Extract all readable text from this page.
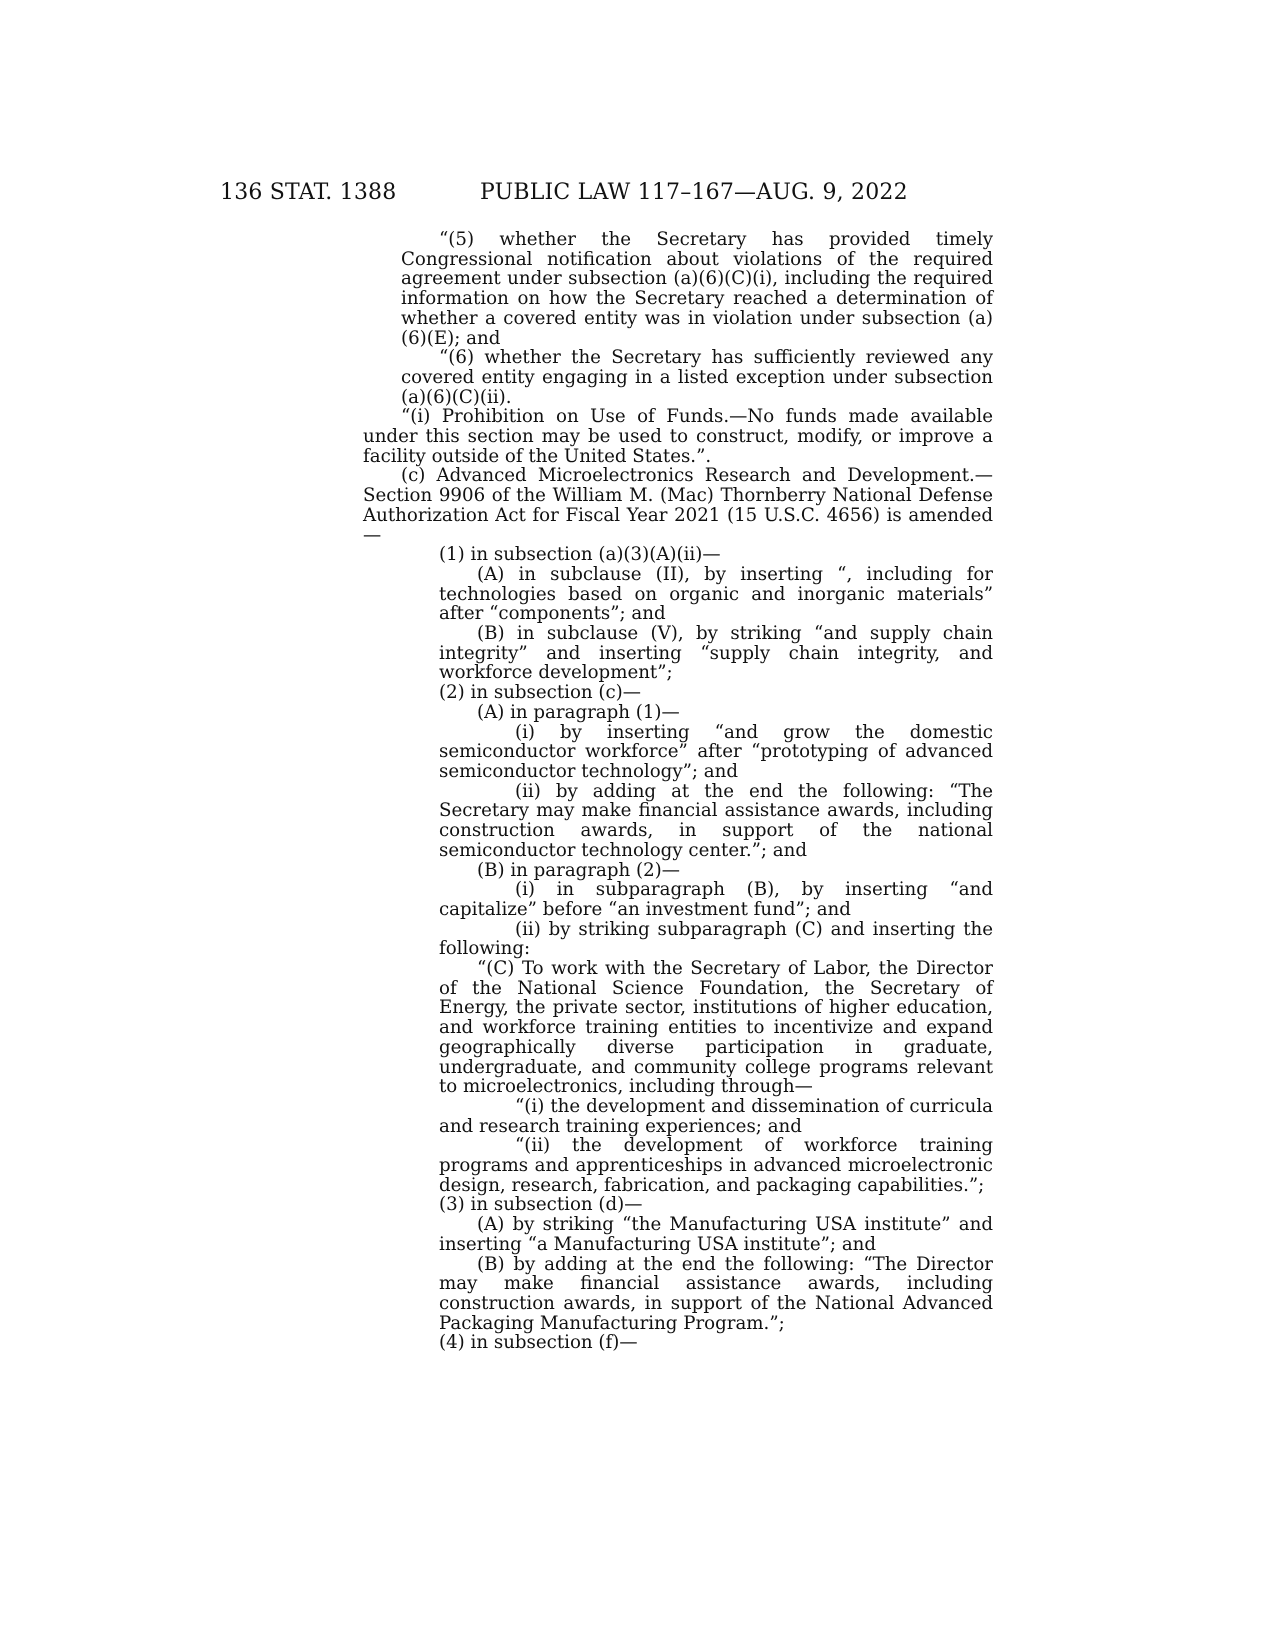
136 STAT. 1388	PUBLIC LAW 117–167—AUG. 9, 2022

“(5) whether the Secretary has provided timely Congressional notification about violations of the required agreement under subsection (a)(6)(C)(i), including the required information on how the Secretary reached a determination of whether a covered entity was in violation under subsection (a)(6)(E); and

“(6) whether the Secretary has sufficiently reviewed any covered entity engaging in a listed exception under subsection (a)(6)(C)(ii).

“(i) Prohibition on Use of Funds.—No funds made available under this section may be used to construct, modify, or improve a facility outside of the United States.”.

(c) Advanced Microelectronics Research and Development.—Section 9906 of the William M. (Mac) Thornberry National Defense Authorization Act for Fiscal Year 2021 (15 U.S.C. 4656) is amended—

(1) in subsection (a)(3)(A)(ii)—

(A) in subclause (II), by inserting “, including for technologies based on organic and inorganic materials” after “components”; and

(B) in subclause (V), by striking “and supply chain integrity” and inserting “supply chain integrity, and workforce development”;

(2) in subsection (c)—

(A) in paragraph (1)—

(i) by inserting “and grow the domestic semiconductor workforce” after “prototyping of advanced semiconductor technology”; and

(ii) by adding at the end the following: “The Secretary may make financial assistance awards, including construction awards, in support of the national semiconductor technology center.”; and

(B) in paragraph (2)—

(i) in subparagraph (B), by inserting “and capitalize” before “an investment fund”; and

(ii) by striking subparagraph (C) and inserting the following:

“(C) To work with the Secretary of Labor, the Director of the National Science Foundation, the Secretary of Energy, the private sector, institutions of higher education, and workforce training entities to incentivize and expand geographically diverse participation in graduate, undergraduate, and community college programs relevant to microelectronics, including through—

“(i) the development and dissemination of curricula and research training experiences; and

“(ii) the development of workforce training programs and apprenticeships in advanced microelectronic design, research, fabrication, and packaging capabilities.”;

(3) in subsection (d)—

(A) by striking “the Manufacturing USA institute” and inserting “a Manufacturing USA institute”; and

(B) by adding at the end the following: “The Director may make financial assistance awards, including construction awards, in support of the National Advanced Packaging Manufacturing Program.”;

(4) in subsection (f)—
